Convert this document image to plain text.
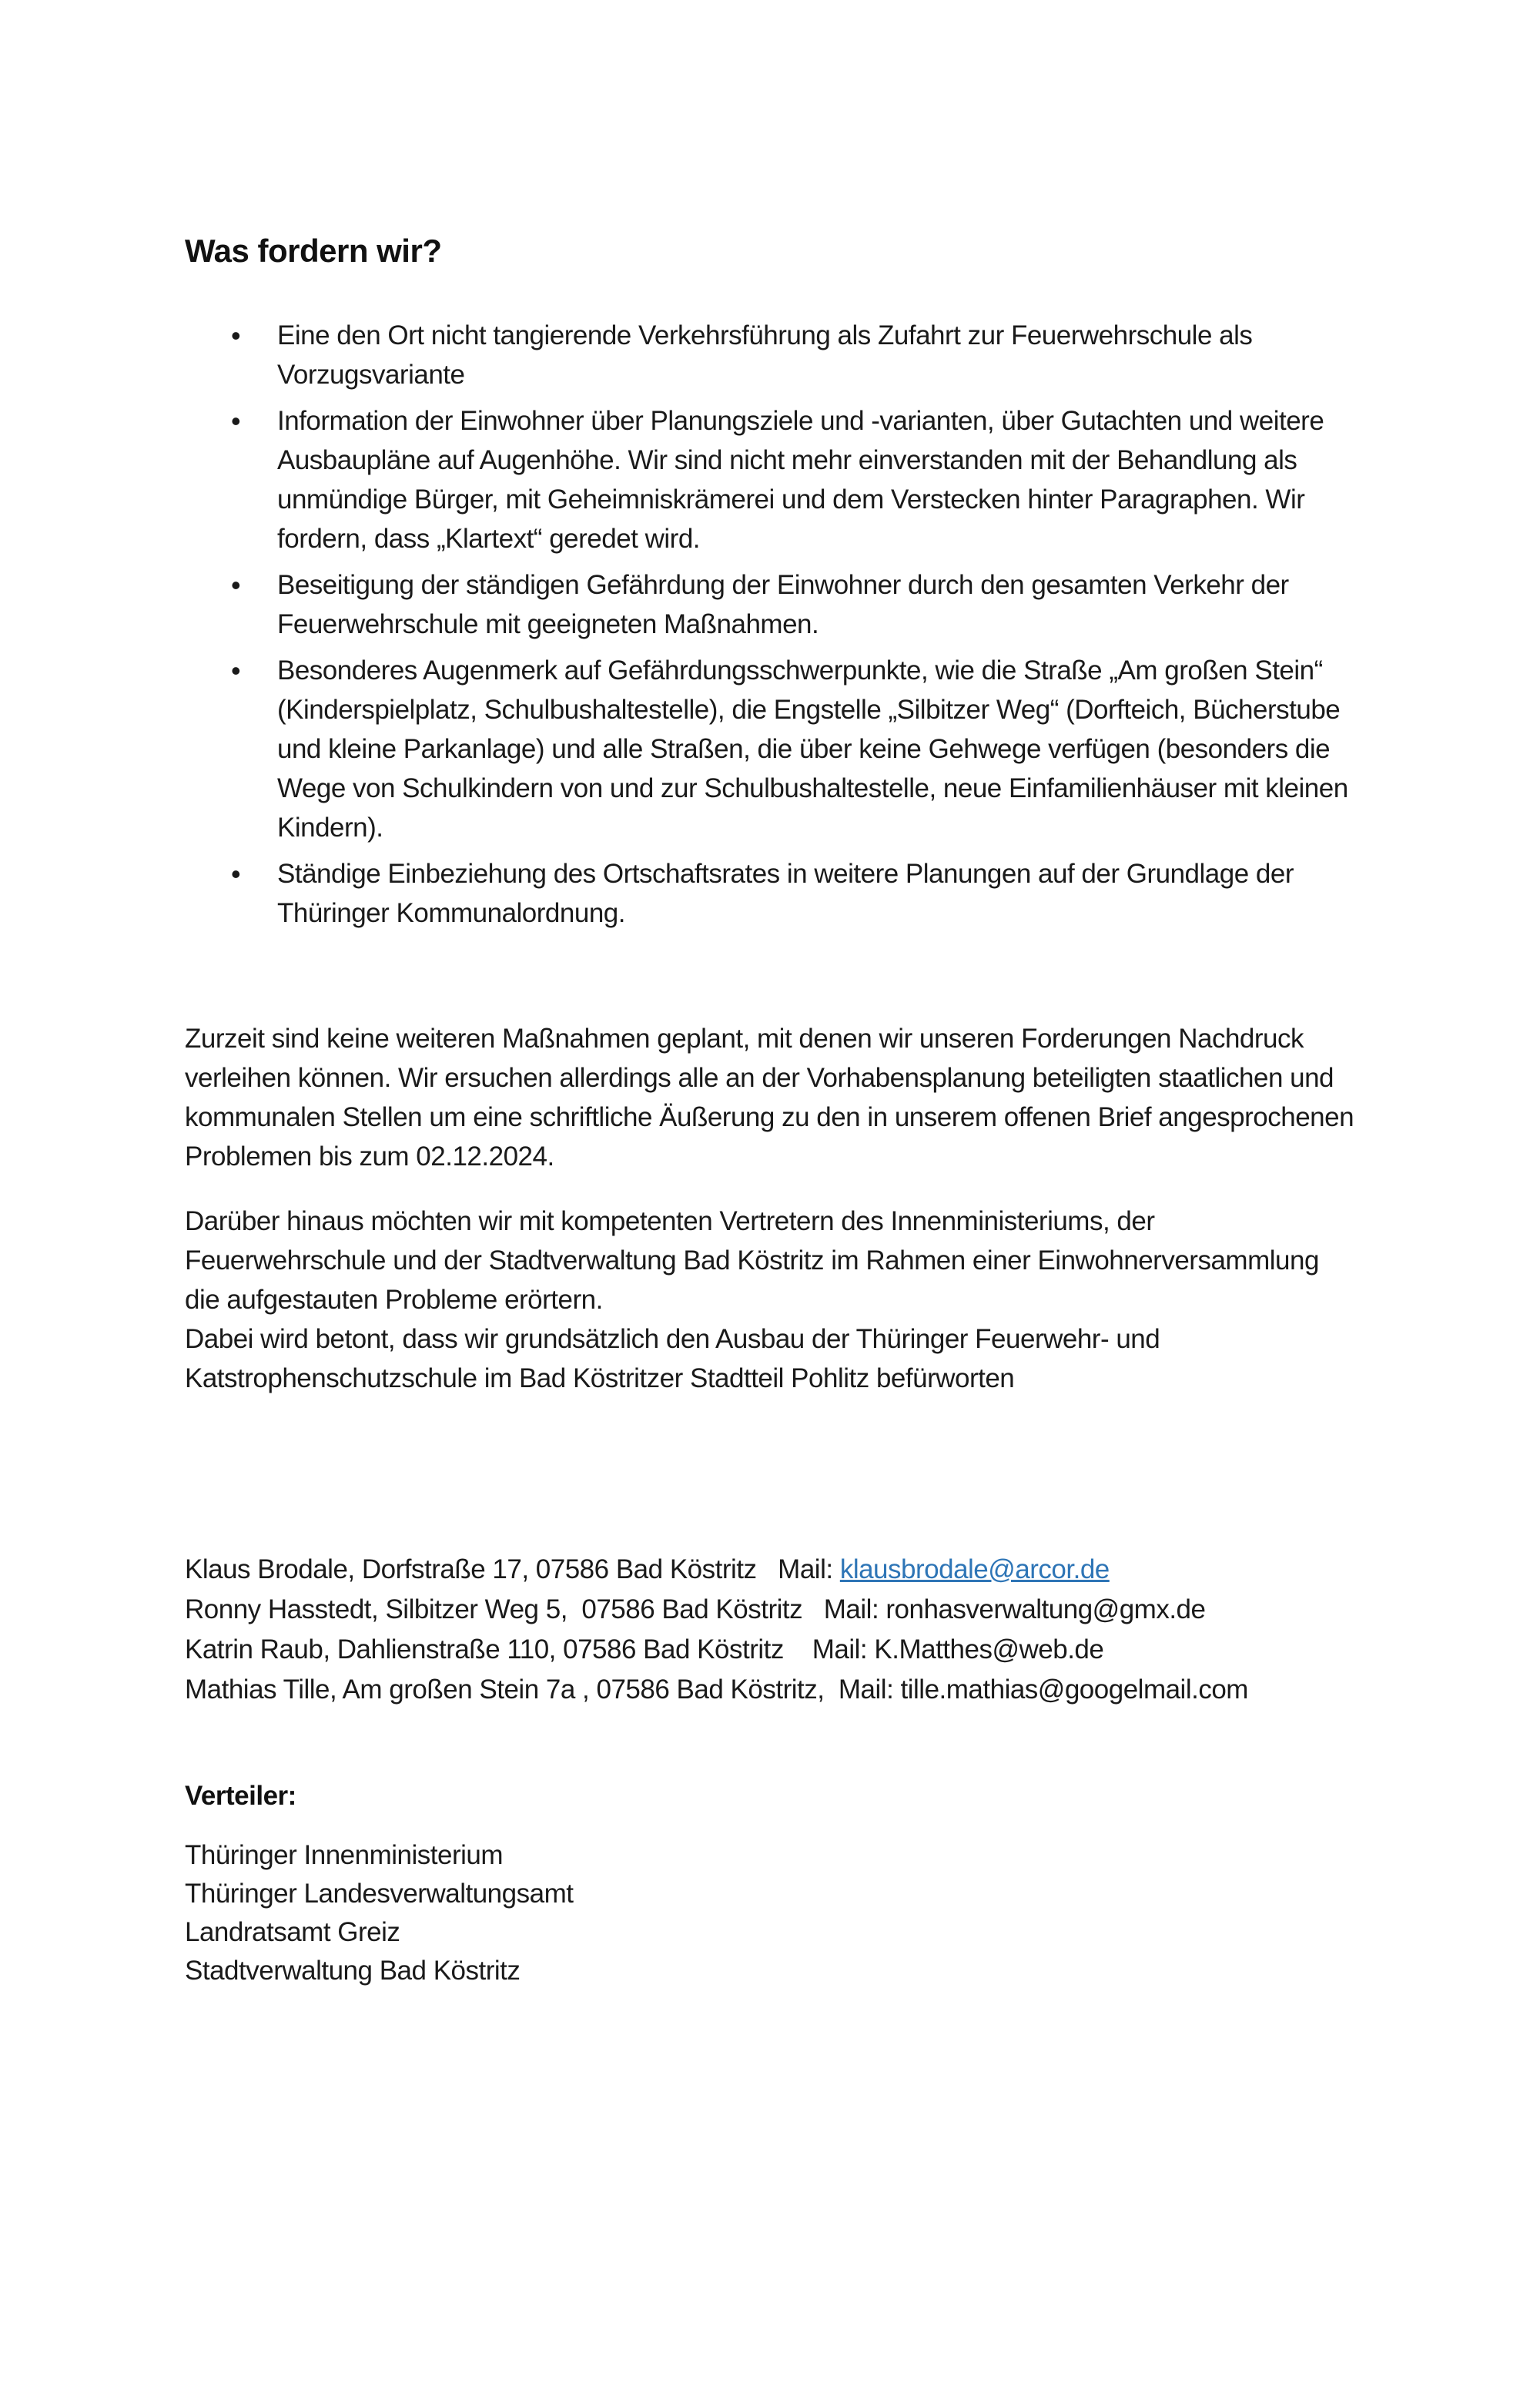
Was fordern wir?
• Eine den Ort nicht tangierende Verkehrsführung als Zufahrt zur Feuerwehrschule als Vorzugsvariante
• Information der Einwohner über Planungsziele und -varianten, über Gutachten und weitere Ausbaupläne auf Augenhöhe. Wir sind nicht mehr einverstanden mit der Behandlung als unmündige Bürger, mit Geheimniskrämerei und dem Verstecken hinter Paragraphen. Wir fordern, dass „Klartext“ geredet wird.
• Beseitigung der ständigen Gefährdung der Einwohner durch den gesamten Verkehr der Feuerwehrschule mit geeigneten Maßnahmen.
• Besonderes Augenmerk auf Gefährdungsschwerpunkte, wie die Straße „Am großen Stein“ (Kinderspielplatz, Schulbushaltestelle), die Engstelle „Silbitzer Weg“ (Dorfteich, Bücherstube und kleine Parkanlage) und alle Straßen, die über keine Gehwege verfügen (besonders die Wege von Schulkindern von und zur Schulbushaltestelle, neue Einfamilienhäuser mit kleinen Kindern).
• Ständige Einbeziehung des Ortschaftsrates in weitere Planungen auf der Grundlage der Thüringer Kommunalordnung.

Zurzeit sind keine weiteren Maßnahmen geplant, mit denen wir unseren Forderungen Nachdruck verleihen können. Wir ersuchen allerdings alle an der Vorhabensplanung beteiligten staatlichen und kommunalen Stellen um eine schriftliche Äußerung zu den in unserem offenen Brief angesprochenen Problemen bis zum 02.12.2024.

Darüber hinaus möchten wir mit kompetenten Vertretern des Innenministeriums, der Feuerwehrschule und der Stadtverwaltung Bad Köstritz im Rahmen einer Einwohnerversammlung die aufgestauten Probleme erörtern.
Dabei wird betont, dass wir grundsätzlich den Ausbau der Thüringer Feuerwehr- und Katstrophenschutzschule im Bad Köstritzer Stadtteil Pohlitz befürworten
Klaus Brodale, Dorfstraße 17, 07586 Bad Köstritz   Mail: klausbrodale@arcor.de
Ronny Hasstedt, Silbitzer Weg 5,  07586 Bad Köstritz   Mail: ronhasverwaltung@gmx.de
Katrin Raub, Dahlienstraße 110, 07586 Bad Köstritz    Mail: K.Matthes@web.de
Mathias Tille, Am großen Stein 7a , 07586 Bad Köstritz,  Mail: tille.mathias@googelmail.com
Verteiler:
Thüringer Innenministerium
Thüringer Landesverwaltungsamt
Landratsamt Greiz
Stadtverwaltung Bad Köstritz
